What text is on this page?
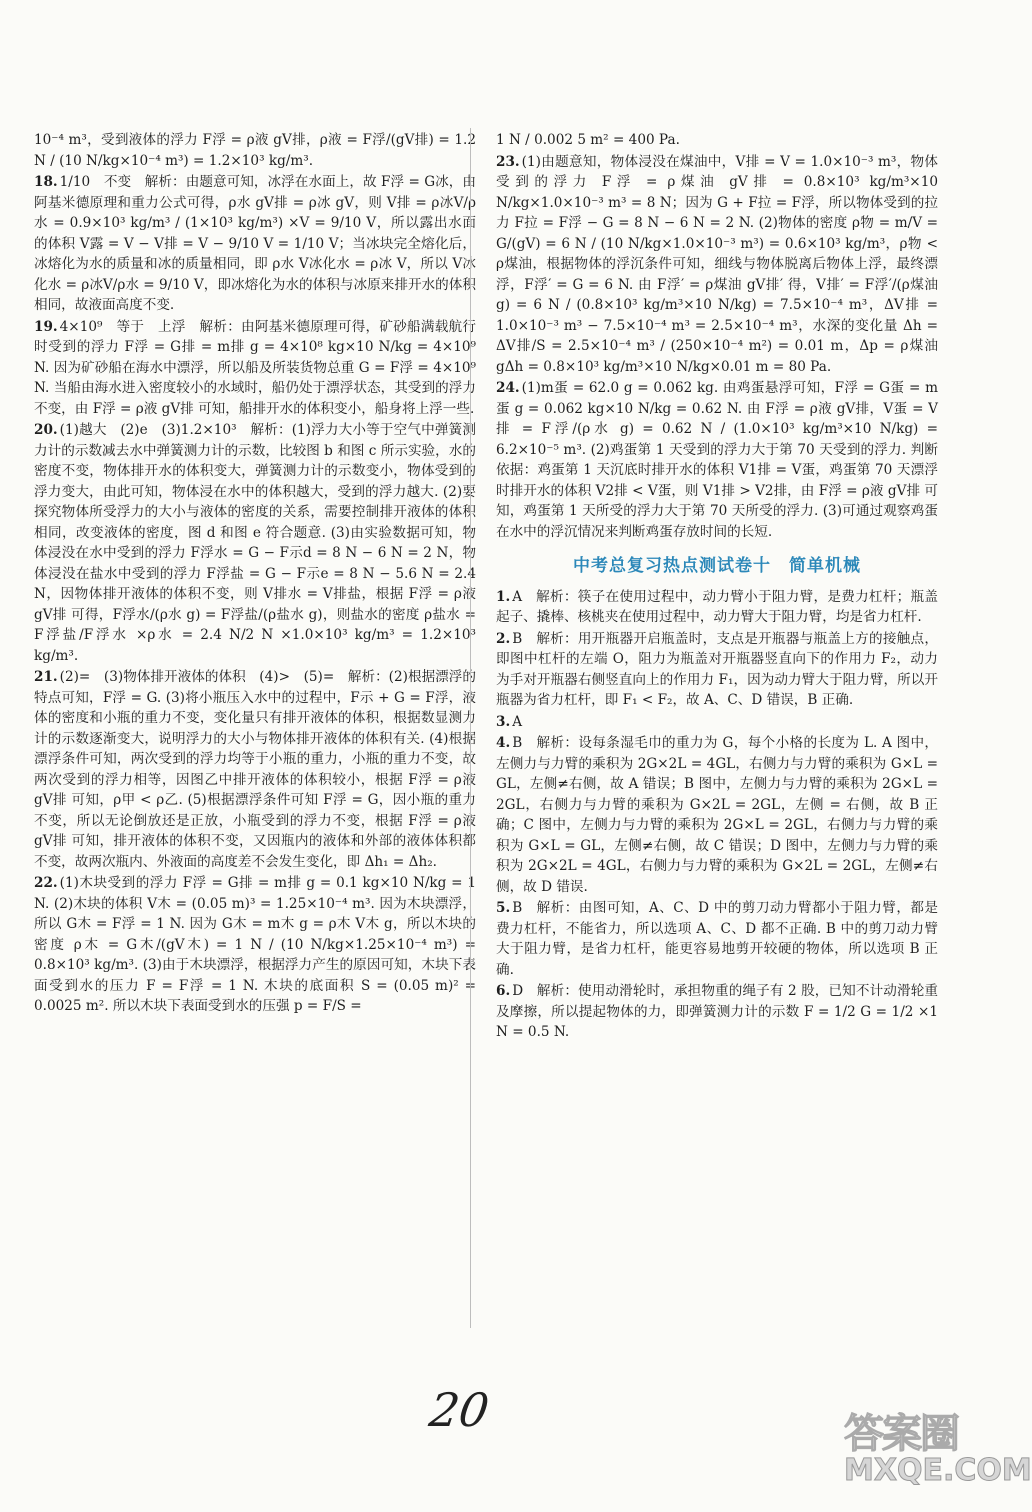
10⁻⁴ m³，受到液体的浮力 F浮 = ρ液 gV排，ρ液 = F浮/(gV排) = 1.2 N / (10 N/kg×10⁻⁴ m³) = 1.2×10³ kg/m³.

18. 1/10　不变　解析：由题意可知，冰浮在水面上，故 F浮 = G冰，由阿基米德原理和重力公式可得，ρ水 gV排 = ρ冰 gV，则 V排 = ρ冰V/ρ水 = 0.9×10³ kg/m³ / (1×10³ kg/m³) ×V = 9/10 V，所以露出水面的体积 V露 = V − V排 = V − 9/10 V = 1/10 V；当冰块完全熔化后，冰熔化为水的质量和冰的质量相同，即 ρ水 V冰化水 = ρ冰 V，所以 V冰化水 = ρ冰V/ρ水 = 9/10 V，即冰熔化为水的体积与冰原来排开水的体积相同，故液面高度不变.

19. 4×10⁹　等于　上浮　解析：由阿基米德原理可得，矿砂船满载航行时受到的浮力 F浮 = G排 = m排 g = 4×10⁸ kg×10 N/kg = 4×10⁹ N. 因为矿砂船在海水中漂浮，所以船及所装货物总重 G = F浮 = 4×10⁹ N. 当船由海水进入密度较小的水域时，船仍处于漂浮状态，其受到的浮力不变，由 F浮 = ρ液 gV排 可知，船排开水的体积变小，船身将上浮一些.

20. (1)越大　(2)e　(3)1.2×10³　解析：(1)浮力大小等于空气中弹簧测力计的示数减去水中弹簧测力计的示数，比较图 b 和图 c 所示实验，水的密度不变，物体排开水的体积变大，弹簧测力计的示数变小，物体受到的浮力变大，由此可知，物体浸在水中的体积越大，受到的浮力越大. (2)要探究物体所受浮力的大小与液体的密度的关系，需要控制排开液体的体积相同，改变液体的密度，图 d 和图 e 符合题意. (3)由实验数据可知，物体浸没在水中受到的浮力 F浮水 = G − F示d = 8 N − 6 N = 2 N，物体浸没在盐水中受到的浮力 F浮盐 = G − F示e = 8 N − 5.6 N = 2.4 N，因物体排开液体的体积不变，则 V排水 = V排盐，根据 F浮 = ρ液 gV排 可得，F浮水/(ρ水 g) = F浮盐/(ρ盐水 g)，则盐水的密度 ρ盐水 = F浮盐/F浮水 ×ρ水 = 2.4 N/2 N ×1.0×10³ kg/m³ = 1.2×10³ kg/m³.

21. (2)=　(3)物体排开液体的体积　(4)>　(5)=　解析：(2)根据漂浮的特点可知，F浮 = G. (3)将小瓶压入水中的过程中，F示 + G = F浮，液体的密度和小瓶的重力不变，变化量只有排开液体的体积，根据数显测力计的示数逐渐变大，说明浮力的大小与物体排开液体的体积有关. (4)根据漂浮条件可知，两次受到的浮力均等于小瓶的重力，小瓶的重力不变，故两次受到的浮力相等，因图乙中排开液体的体积较小，根据 F浮 = ρ液 gV排 可知，ρ甲 < ρ乙. (5)根据漂浮条件可知 F浮 = G，因小瓶的重力不变，所以无论倒放还是正放，小瓶受到的浮力不变，根据 F浮 = ρ液 gV排 可知，排开液体的体积不变，又因瓶内的液体和外部的液体体积都不变，故两次瓶内、外液面的高度差不会发生变化，即 Δh₁ = Δh₂.

22. (1)木块受到的浮力 F浮 = G排 = m排 g = 0.1 kg×10 N/kg = 1 N. (2)木块的体积 V木 = (0.05 m)³ = 1.25×10⁻⁴ m³. 因为木块漂浮，所以 G木 = F浮 = 1 N. 因为 G木 = m木 g = ρ木 V木 g，所以木块的密度 ρ木 = G木/(gV木) = 1 N / (10 N/kg×1.25×10⁻⁴ m³) = 0.8×10³ kg/m³. (3)由于木块漂浮，根据浮力产生的原因可知，木块下表面受到水的压力 F = F浮 = 1 N. 木块的底面积 S = (0.05 m)² = 0.0025 m². 所以木块下表面受到水的压强 p = F/S =

1 N / 0.002 5 m² = 400 Pa.

23. (1)由题意知，物体浸没在煤油中，V排 = V = 1.0×10⁻³ m³，物体受到的浮力 F浮 = ρ煤油 gV排 = 0.8×10³ kg/m³×10 N/kg×1.0×10⁻³ m³ = 8 N；因为 G + F拉 = F浮，所以物体受到的拉力 F拉 = F浮 − G = 8 N − 6 N = 2 N. (2)物体的密度 ρ物 = m/V = G/(gV) = 6 N / (10 N/kg×1.0×10⁻³ m³) = 0.6×10³ kg/m³，ρ物 < ρ煤油，根据物体的浮沉条件可知，细线与物体脱离后物体上浮，最终漂浮，F浮′ = G = 6 N. 由 F浮′ = ρ煤油 gV排′ 得，V排′ = F浮′/(ρ煤油 g) = 6 N / (0.8×10³ kg/m³×10 N/kg) = 7.5×10⁻⁴ m³，ΔV排 = 1.0×10⁻³ m³ − 7.5×10⁻⁴ m³ = 2.5×10⁻⁴ m³，水深的变化量 Δh = ΔV排/S = 2.5×10⁻⁴ m³ / (250×10⁻⁴ m²) = 0.01 m，Δp = ρ煤油 gΔh = 0.8×10³ kg/m³×10 N/kg×0.01 m = 80 Pa.

24. (1)m蛋 = 62.0 g = 0.062 kg. 由鸡蛋悬浮可知，F浮 = G蛋 = m蛋 g = 0.062 kg×10 N/kg = 0.62 N. 由 F浮 = ρ液 gV排，V蛋 = V排 = F浮/(ρ水 g) = 0.62 N / (1.0×10³ kg/m³×10 N/kg) = 6.2×10⁻⁵ m³. (2)鸡蛋第 1 天受到的浮力大于第 70 天受到的浮力. 判断依据：鸡蛋第 1 天沉底时排开水的体积 V1排 = V蛋，鸡蛋第 70 天漂浮时排开水的体积 V2排 < V蛋，则 V1排 > V2排，由 F浮 = ρ液 gV排 可知，鸡蛋第 1 天所受的浮力大于第 70 天所受的浮力. (3)可通过观察鸡蛋在水中的浮沉情况来判断鸡蛋存放时间的长短.

中考总复习热点测试卷十　简单机械

1. A　解析：筷子在使用过程中，动力臂小于阻力臂，是费力杠杆；瓶盖起子、撬棒、核桃夹在使用过程中，动力臂大于阻力臂，均是省力杠杆.

2. B　解析：用开瓶器开启瓶盖时，支点是开瓶器与瓶盖上方的接触点，即图中杠杆的左端 O，阻力为瓶盖对开瓶器竖直向下的作用力 F₂，动力为手对开瓶器右侧竖直向上的作用力 F₁，因为动力臂大于阻力臂，所以开瓶器为省力杠杆，即 F₁ < F₂，故 A、C、D 错误，B 正确.

3. A

4. B　解析：设每条湿毛巾的重力为 G，每个小格的长度为 L. A 图中，左侧力与力臂的乘积为 2G×2L = 4GL，右侧力与力臂的乘积为 G×L = GL，左侧≠右侧，故 A 错误；B 图中，左侧力与力臂的乘积为 2G×L = 2GL，右侧力与力臂的乘积为 G×2L = 2GL，左侧 = 右侧，故 B 正确；C 图中，左侧力与力臂的乘积为 2G×L = 2GL，右侧力与力臂的乘积为 G×L = GL，左侧≠右侧，故 C 错误；D 图中，左侧力与力臂的乘积为 2G×2L = 4GL，右侧力与力臂的乘积为 G×2L = 2GL，左侧≠右侧，故 D 错误.

5. B　解析：由图可知，A、C、D 中的剪刀动力臂都小于阻力臂，都是费力杠杆，不能省力，所以选项 A、C、D 都不正确. B 中的剪刀动力臂大于阻力臂，是省力杠杆，能更容易地剪开较硬的物体，所以选项 B 正确.

6. D　解析：使用动滑轮时，承担物重的绳子有 2 股，已知不计动滑轮重及摩擦，所以提起物体的力，即弹簧测力计的示数 F = 1/2 G = 1/2 ×1 N = 0.5 N.

20	答案圈
MXQE.COM
